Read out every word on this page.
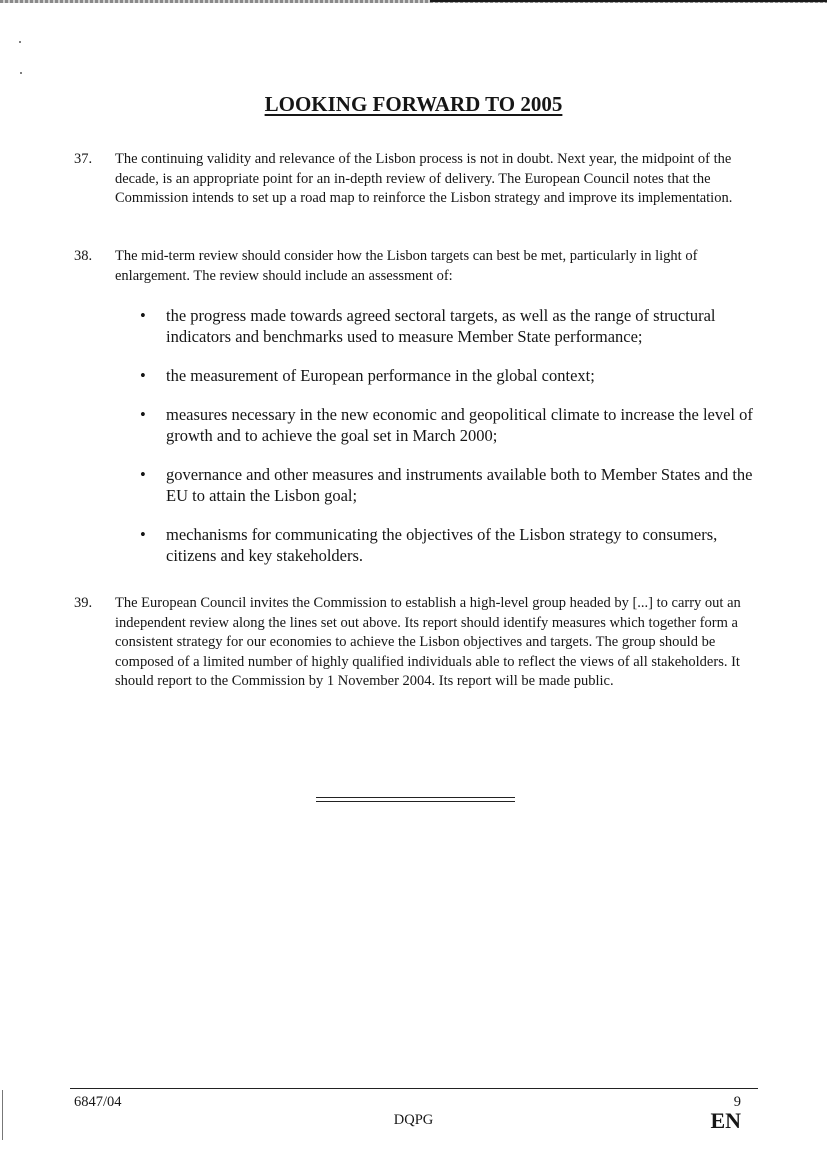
LOOKING FORWARD TO 2005
37. The continuing validity and relevance of the Lisbon process is not in doubt. Next year, the midpoint of the decade, is an appropriate point for an in-depth review of delivery. The European Council notes that the Commission intends to set up a road map to reinforce the Lisbon strategy and improve its implementation.
38. The mid-term review should consider how the Lisbon targets can best be met, particularly in light of enlargement. The review should include an assessment of:
• the progress made towards agreed sectoral targets, as well as the range of structural indicators and benchmarks used to measure Member State performance;
• the measurement of European performance in the global context;
• measures necessary in the new economic and geopolitical climate to increase the level of growth and to achieve the goal set in March 2000;
• governance and other measures and instruments available both to Member States and the EU to attain the Lisbon goal;
• mechanisms for communicating the objectives of the Lisbon strategy to consumers, citizens and key stakeholders.
39. The European Council invites the Commission to establish a high-level group headed by [...] to carry out an independent review along the lines set out above. Its report should identify measures which together form a consistent strategy for our economies to achieve the Lisbon objectives and targets. The group should be composed of a limited number of highly qualified individuals able to reflect the views of all stakeholders. It should report to the Commission by 1 November 2004. Its report will be made public.
6847/04	9
DQPG	EN
